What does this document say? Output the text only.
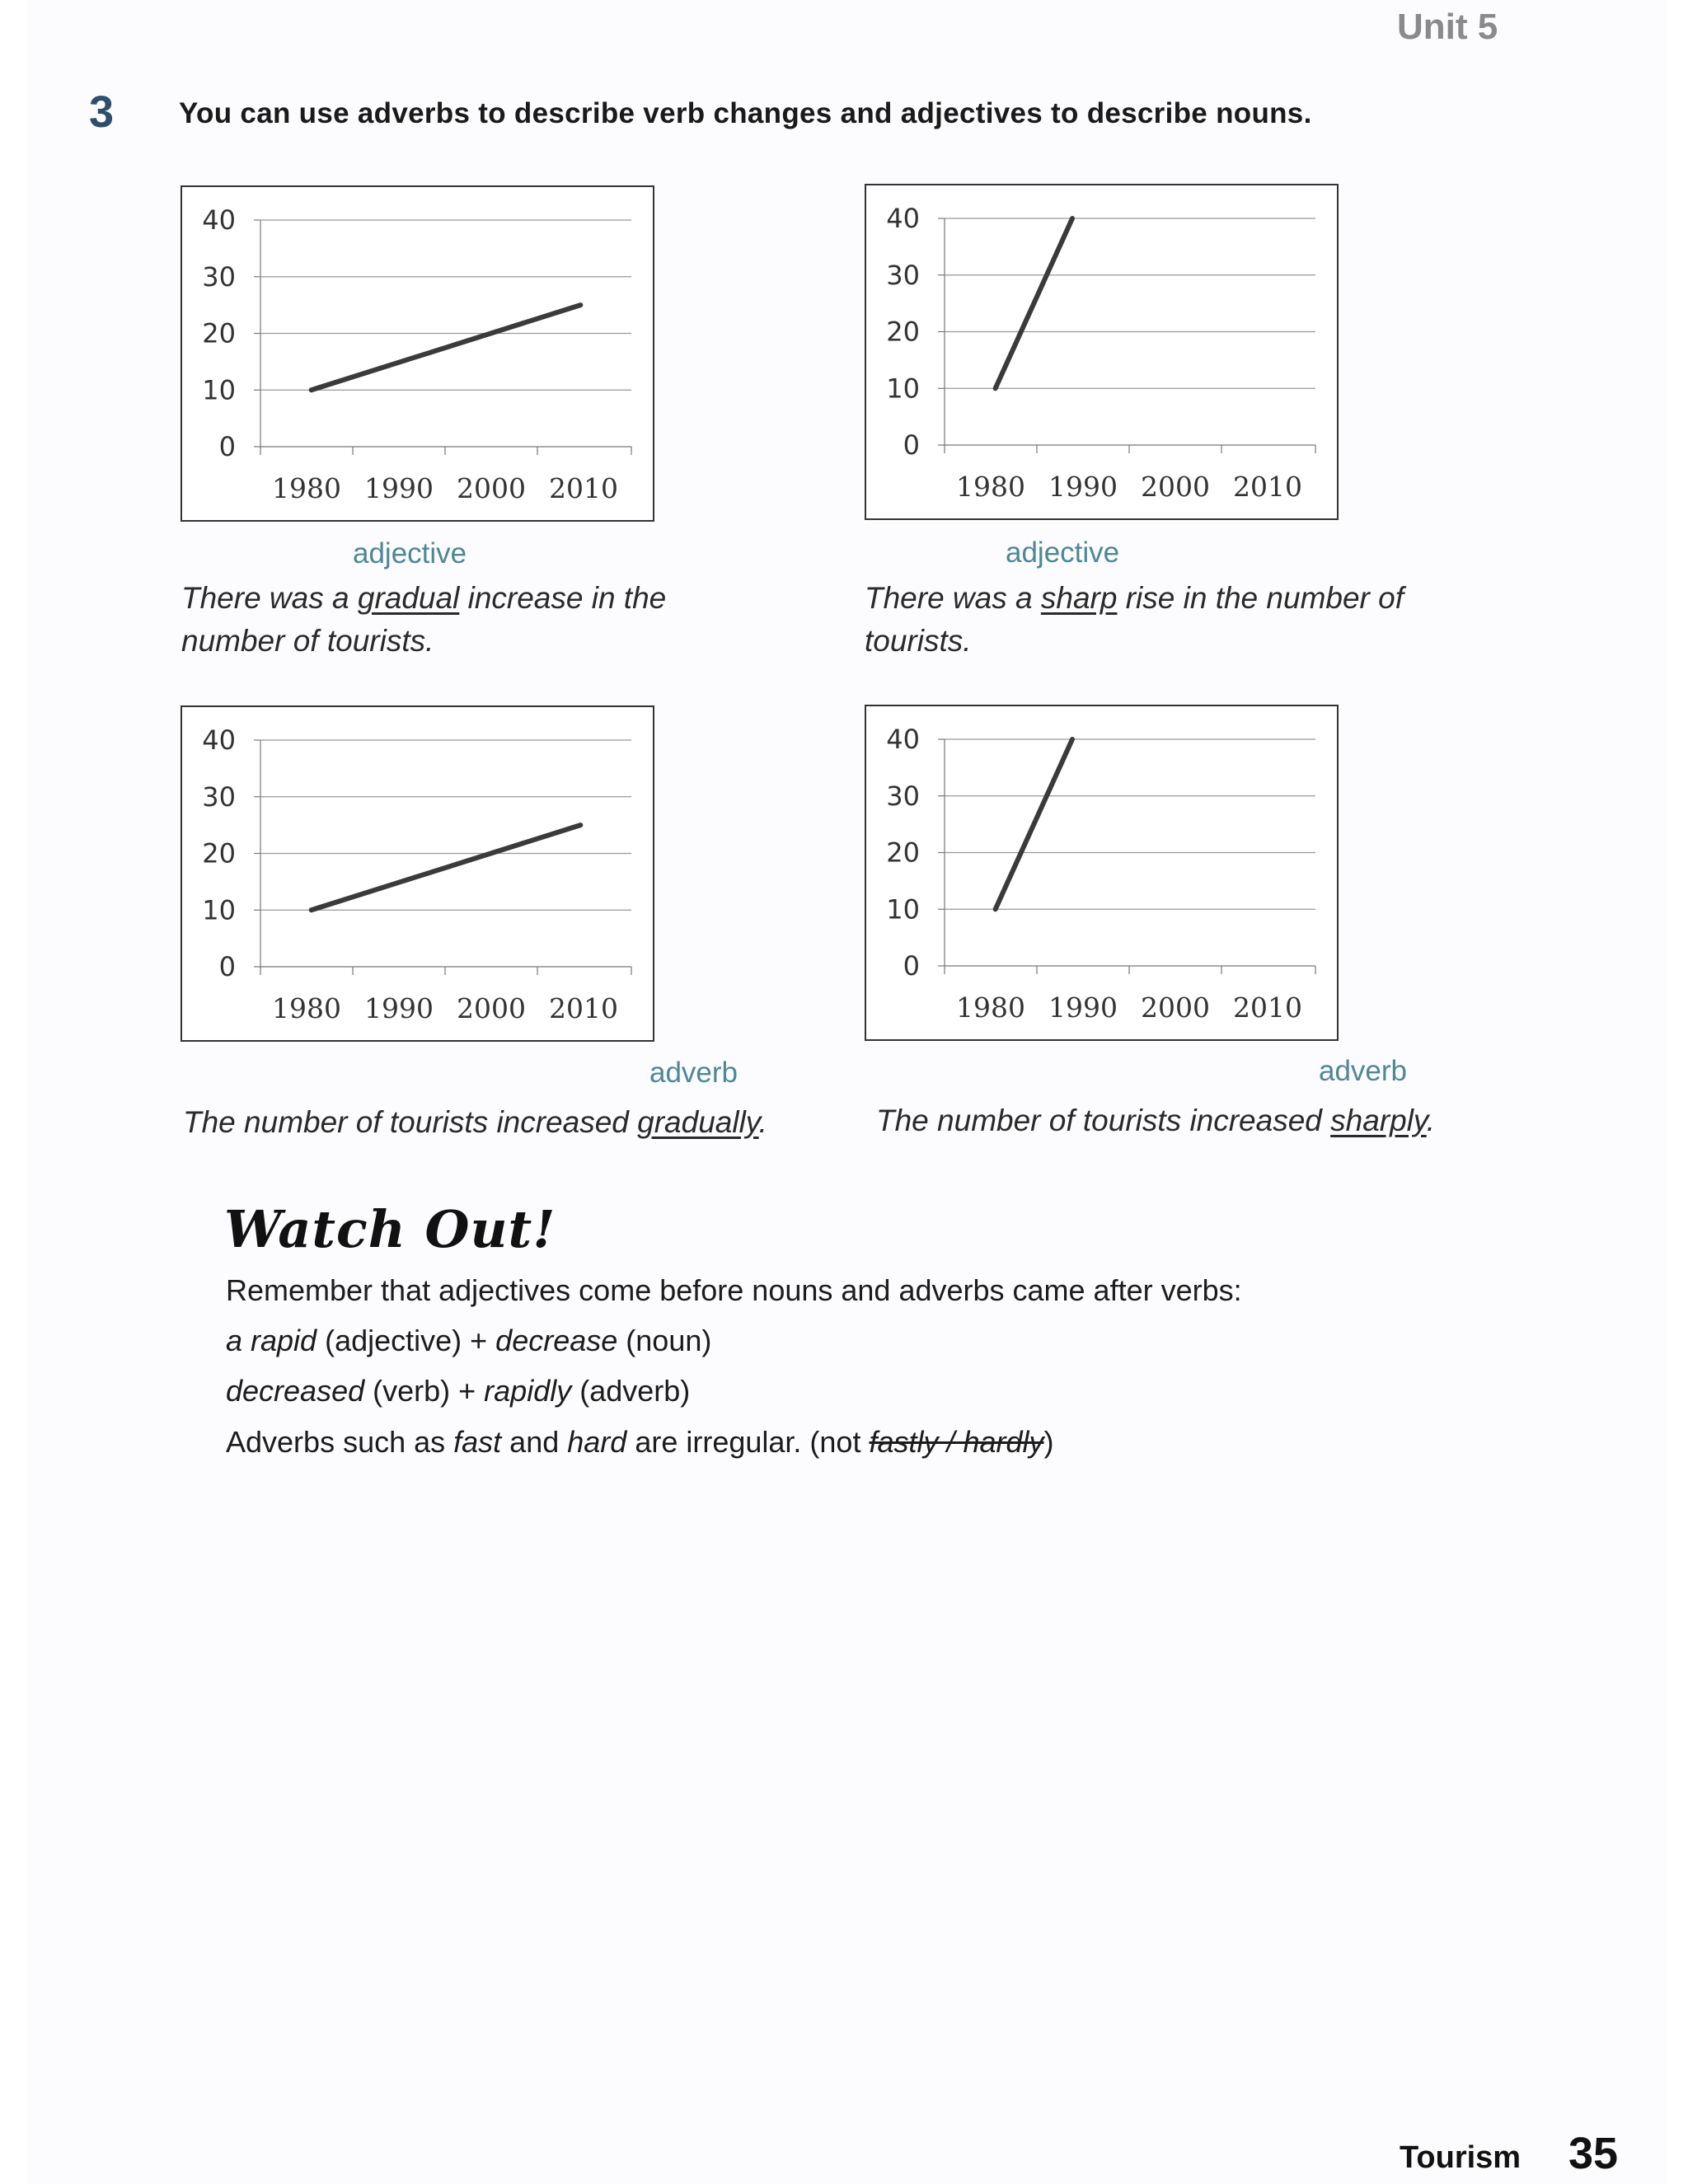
Unit 5
3 You can use adverbs to describe verb changes and adjectives to describe nouns.
0
10
20
30
40
1980 1990 2000 2010
adjective
There was a gradual increase in the
number of tourists.
0
10
20
30
40
1980 1990 2000 2010
adjective
There was a sharp rise in the number of
tourists.
0
10
20
30
40
1980 1990 2000 2010
adverb
The number of tourists increased gradually.
0
10
20
30
40
1980 1990 2000 2010
adverb
The number of tourists increased sharply.
Watch Out!
Remember that adjectives come before nouns and adverbs came after verbs:
a rapid (adjective) + decrease (noun)
decreased (verb) + rapidly (adverb)
Adverbs such as fast and hard are irregular. (not fastly / hardly)
Tourism 35
